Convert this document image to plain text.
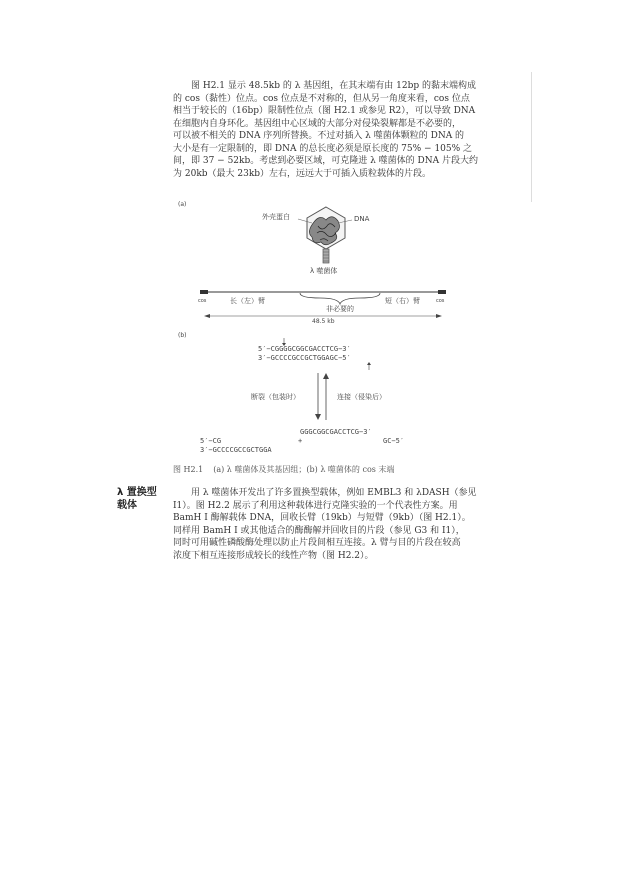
图 H2.1 显示 48.5kb 的 λ 基因组，在其末端有由 12bp 的黏末端构成
的 cos（黏性）位点。cos 位点是不对称的，但从另一角度来看，cos 位点
相当于较长的（16bp）限制性位点（图 H2.1 或参见 R2），可以导致 DNA
在细胞内自身环化。基因组中心区域的大部分对侵染裂解都是不必要的，
可以被不相关的 DNA 序列所替换。不过对插入 λ 噬菌体颗粒的 DNA 的
大小是有一定限制的，即 DNA 的总长度必须是原长度的 75% − 105% 之
间，即 37 − 52kb。考虑到必要区域，可克隆进 λ 噬菌体的 DNA 片段大约
为 20kb（最大 23kb）左右，远远大于可插入质粒载体的片段。
(a)
外壳蛋白	DNA
λ 噬菌体
cos	cos
长（左）臂	短（右）臂
非必要的
48.5 kb
(b)
5′−CGGGGCGGCGACCTCG−3′
3′−GCCCCGCCGCTGGAGC−5′
断裂（包装时）	连接（侵染后）
GGGCGGCGACCTCG−3′
+	GC−5′
5′−CG
3′−GCCCCGCCGCTGGA
图 H2.1 (a) λ 噬菌体及其基因组；(b) λ 噬菌体的 cos 末端
λ 置换型
载体
用 λ 噬菌体开发出了许多置换型载体，例如 EMBL3 和 λDASH（参见
I1）。图 H2.2 展示了利用这种载体进行克隆实验的一个代表性方案。用
BamH Ⅰ 酶解载体 DNA，回收长臂（19kb）与短臂（9kb）（图 H2.1）。
同样用 BamH Ⅰ 或其他适合的酶酶解并回收目的片段（参见 G3 和 I1），
同时可用碱性磷酸酶处理以防止片段间相互连接。λ 臂与目的片段在较高
浓度下相互连接形成较长的线性产物（图 H2.2）。
